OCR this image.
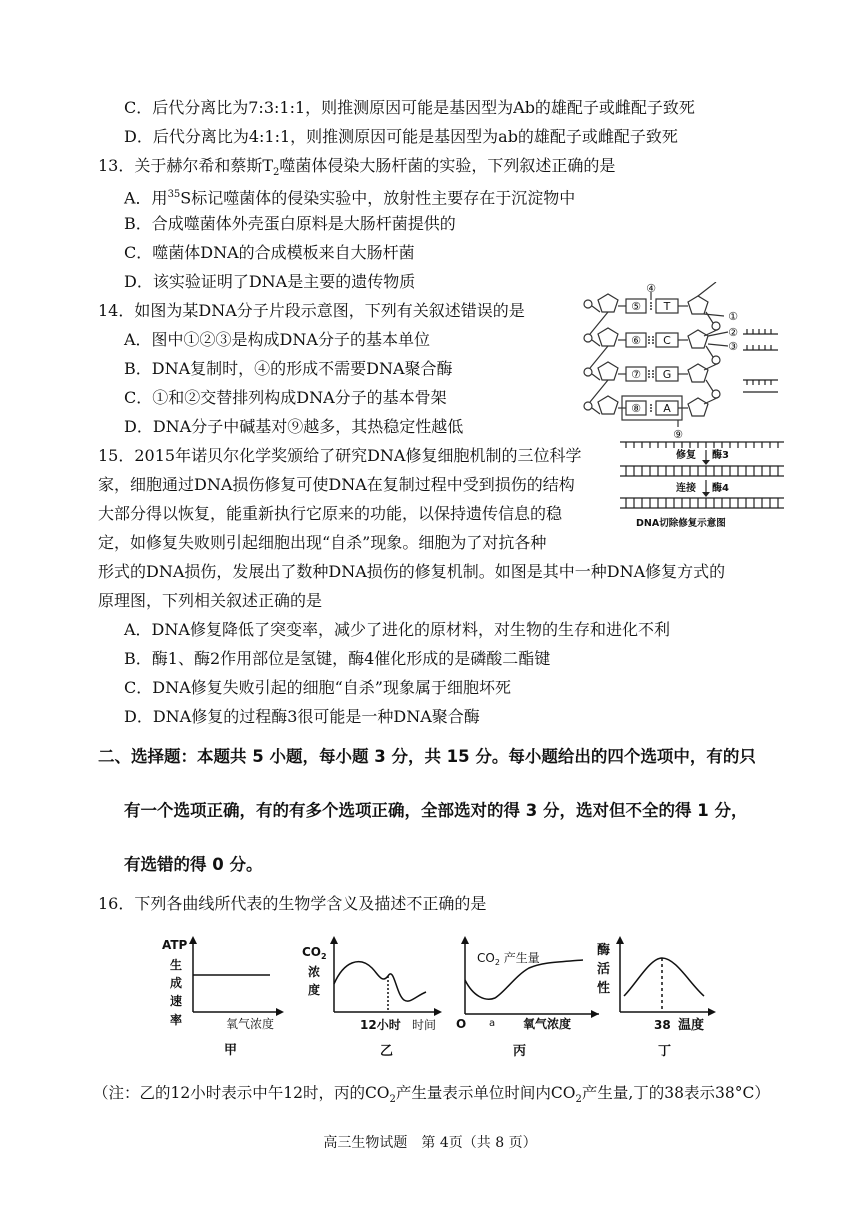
C．后代分离比为7:3:1:1，则推测原因可能是基因型为Ab的雄配子或雌配子致死
D．后代分离比为4:1:1，则推测原因可能是基因型为ab的雄配子或雌配子致死
13．关于赫尔希和蔡斯$T_2$噬菌体侵染大肠杆菌的实验，下列叙述正确的是
A．用$^{35}$S标记噬菌体的侵染实验中，放射性主要存在于沉淀物中
B．合成噬菌体外壳蛋白原料是大肠杆菌提供的
C．噬菌体DNA的合成模板来自大肠杆菌
D．该实验证明了DNA是主要的遗传物质
14．如图为某DNA分子片段示意图，下列有关叙述错误的是
A．图中①②③是构成DNA分子的基本单位
B．DNA复制时，④的形成不需要DNA聚合酶
C．①和②交替排列构成DNA分子的基本骨架
D．DNA分子中碱基对⑨越多，其热稳定性越低
⑤
⑥
⑦
⑧
T
C
G
A
④
⑨
①
②
③
15．2015年诺贝尔化学奖颁给了研究DNA修复细胞机制的三位科学
家，细胞通过DNA损伤修复可使DNA在复制过程中受到损伤的结构
大部分得以恢复，能重新执行它原来的功能，以保持遗传信息的稳
定，如修复失败则引起细胞出现“自杀”现象。细胞为了对抗各种
形式的DNA损伤，发展出了数种DNA损伤的修复机制。如图是其中一种DNA修复方式的
原理图，下列相关叙述正确的是
A．DNA修复降低了突变率，减少了进化的原材料，对生物的生存和进化不利
B．酶1、酶2作用部位是氢键，酶4催化形成的是磷酸二酯键
C．DNA修复失败引起的细胞“自杀”现象属于细胞坏死
D．DNA修复的过程酶3很可能是一种DNA聚合酶
修复 酶3
连接 酶4
DNA切除修复示意图
二、选择题：本题共 5 小题，每小题 3 分，共 15 分。每小题给出的四个选项中，有的只
有一个选项正确，有的有多个选项正确，全部选对的得 3 分，选对但不全的得 1 分，
有选错的得 0 分。
16．下列各曲线所代表的生物学含义及描述不正确的是
ATP
生
成
速
率	氧气浓度
甲
$CO_2$
浓
度
12小时 时间
乙
$CO_2$ 产生量
O a 氧气浓度
丙
酶
活
性
38 温度
丁
（注：乙的12小时表示中午12时，丙的$CO_2$产生量表示单位时间内$CO_2$产生量,丁的38表示38°C）
高三生物试题　第 4页（共 8 页）
